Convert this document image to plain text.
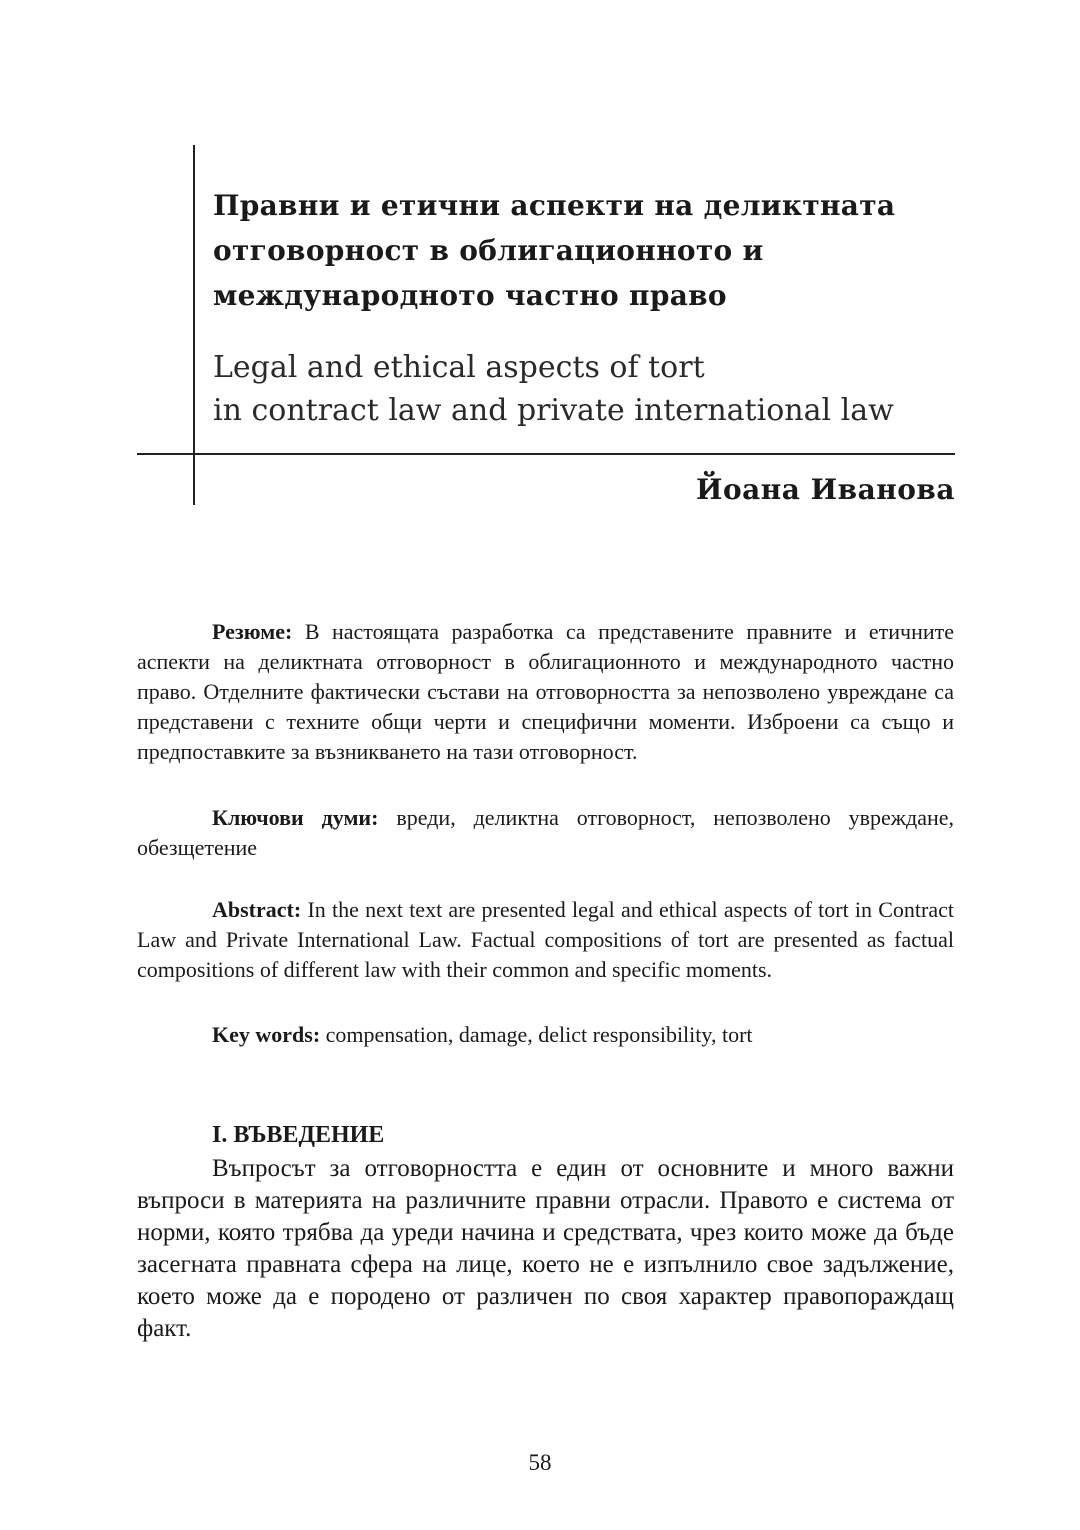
Правни и етични аспекти на деликтната
отговорност в облигационното и
международното частно право
Legal and ethical aspects of tort
in contract law and private international law
Йоана Иванова
Резюме: В настоящата разработка са представените правните и етичните аспекти на деликтната отговорност в облигационното и международното частно право. Отделните фактически състави на отговорността за непозволено увреждане са представени с техните общи черти и специфични моменти. Изброени са също и предпоставките за възникването на тази отговорност.
Ключови думи: вреди, деликтна отговорност, непозволено увреждане, обезщетение
Abstract: In the next text are presented legal and ethical aspects of tort in Contract Law and Private International Law. Factual compositions of tort are presented as factual compositions of different law with their common and specific moments.
Key words: compensation, damage, delict responsibility, tort
I. ВЪВЕДЕНИЕ
Въпросът за отговорността е един от основните и много важни въпроси в материята на различните правни отрасли. Правото е система от норми, която трябва да уреди начина и средствата, чрез които може да бъде засегната правната сфера на лице, което не е изпълнило свое задължение, което може да е породено от различен по своя характер правопораждащ факт.
58
